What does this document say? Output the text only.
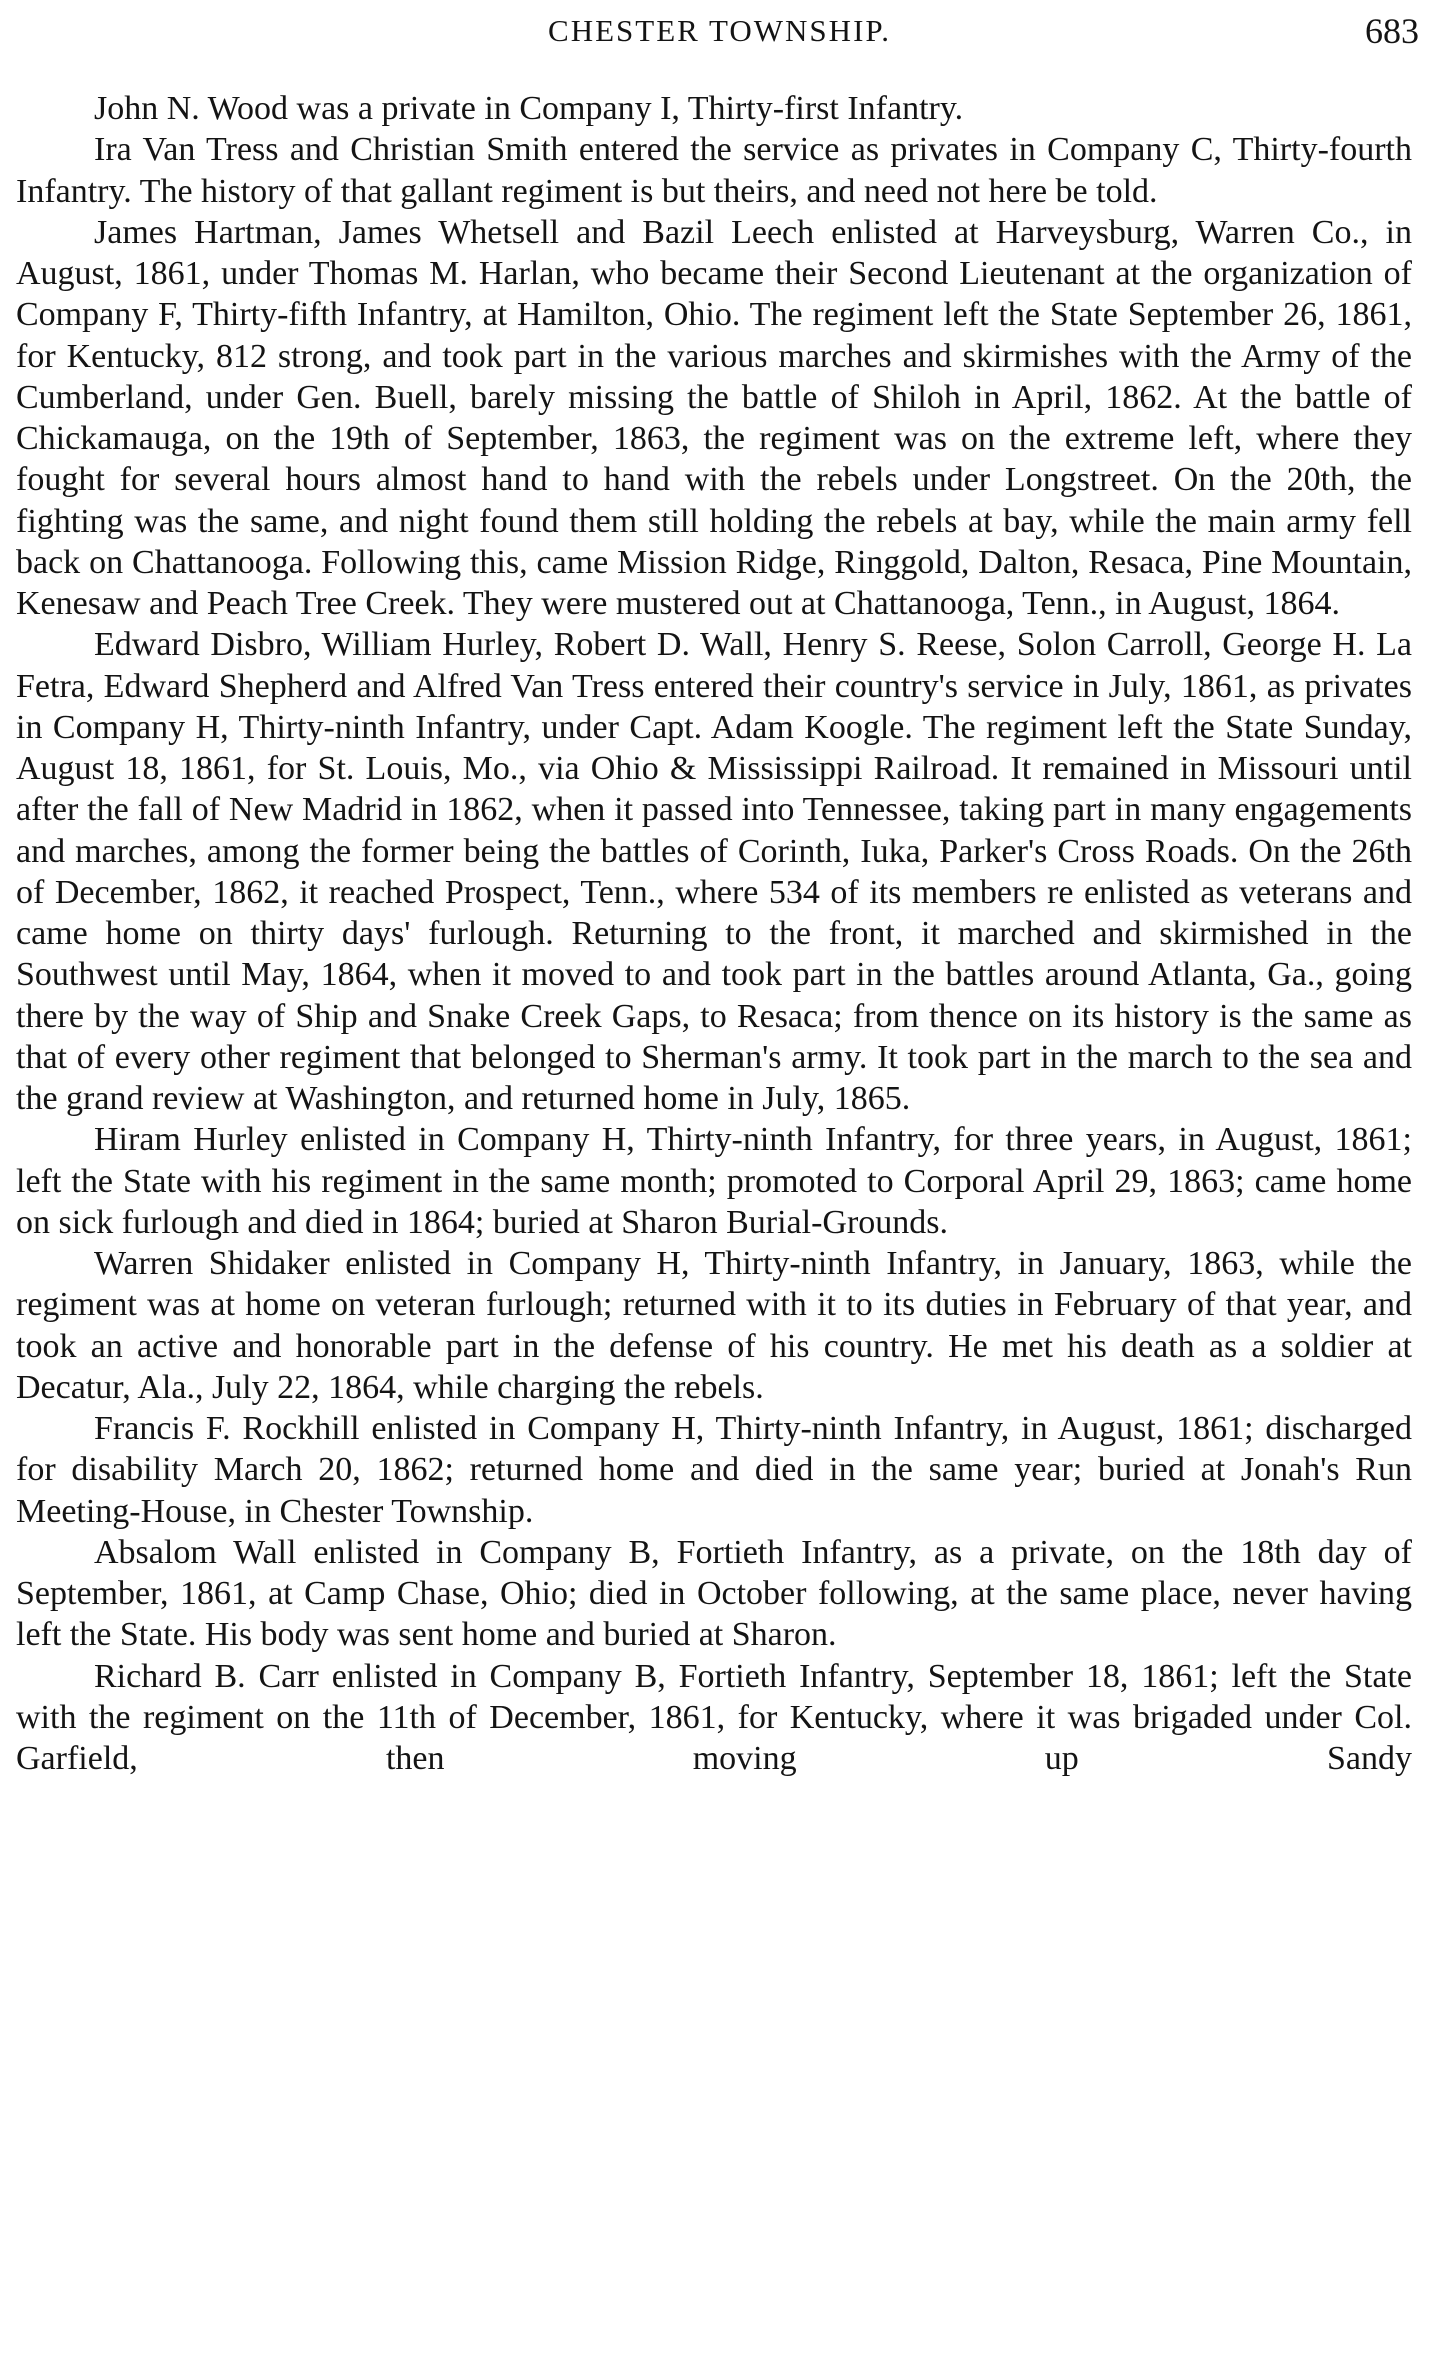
CHESTER TOWNSHIP.	683

John N. Wood was a private in Company I, Thirty-first Infantry.

Ira Van Tress and Christian Smith entered the service as privates in Company C, Thirty-fourth Infantry. The history of that gallant regiment is but theirs, and need not here be told.

James Hartman, James Whetsell and Bazil Leech enlisted at Harveysburg, Warren Co., in August, 1861, under Thomas M. Harlan, who became their Second Lieutenant at the organization of Company F, Thirty-fifth Infantry, at Hamilton, Ohio. The regiment left the State September 26, 1861, for Kentucky, 812 strong, and took part in the various marches and skirmishes with the Army of the Cumberland, under Gen. Buell, barely missing the battle of Shiloh in April, 1862. At the battle of Chickamauga, on the 19th of September, 1863, the regiment was on the extreme left, where they fought for several hours almost hand to hand with the rebels under Longstreet. On the 20th, the fighting was the same, and night found them still holding the rebels at bay, while the main army fell back on Chattanooga. Following this, came Mission Ridge, Ringgold, Dalton, Resaca, Pine Mountain, Kenesaw and Peach Tree Creek. They were mustered out at Chattanooga, Tenn., in August, 1864.

Edward Disbro, William Hurley, Robert D. Wall, Henry S. Reese, Solon Carroll, George H. La Fetra, Edward Shepherd and Alfred Van Tress entered their country's service in July, 1861, as privates in Company H, Thirty-ninth Infantry, under Capt. Adam Koogle. The regiment left the State Sunday, August 18, 1861, for St. Louis, Mo., via Ohio & Mississippi Railroad. It remained in Missouri until after the fall of New Madrid in 1862, when it passed into Tennessee, taking part in many engagements and marches, among the former being the battles of Corinth, Iuka, Parker's Cross Roads. On the 26th of December, 1862, it reached Prospect, Tenn., where 534 of its members re enlisted as veterans and came home on thirty days' furlough. Returning to the front, it marched and skirmished in the Southwest until May, 1864, when it moved to and took part in the battles around Atlanta, Ga., going there by the way of Ship and Snake Creek Gaps, to Resaca; from thence on its history is the same as that of every other regiment that belonged to Sherman's army. It took part in the march to the sea and the grand review at Washington, and returned home in July, 1865.

Hiram Hurley enlisted in Company H, Thirty-ninth Infantry, for three years, in August, 1861; left the State with his regiment in the same month; promoted to Corporal April 29, 1863; came home on sick furlough and died in 1864; buried at Sharon Burial-Grounds.

Warren Shidaker enlisted in Company H, Thirty-ninth Infantry, in January, 1863, while the regiment was at home on veteran furlough; returned with it to its duties in February of that year, and took an active and honorable part in the defense of his country. He met his death as a soldier at Decatur, Ala., July 22, 1864, while charging the rebels.

Francis F. Rockhill enlisted in Company H, Thirty-ninth Infantry, in August, 1861; discharged for disability March 20, 1862; returned home and died in the same year; buried at Jonah's Run Meeting-House, in Chester Township.

Absalom Wall enlisted in Company B, Fortieth Infantry, as a private, on the 18th day of September, 1861, at Camp Chase, Ohio; died in October following, at the same place, never having left the State. His body was sent home and buried at Sharon.

Richard B. Carr enlisted in Company B, Fortieth Infantry, September 18, 1861; left the State with the regiment on the 11th of December, 1861, for Kentucky, where it was brigaded under Col. Garfield, then moving up Sandy
